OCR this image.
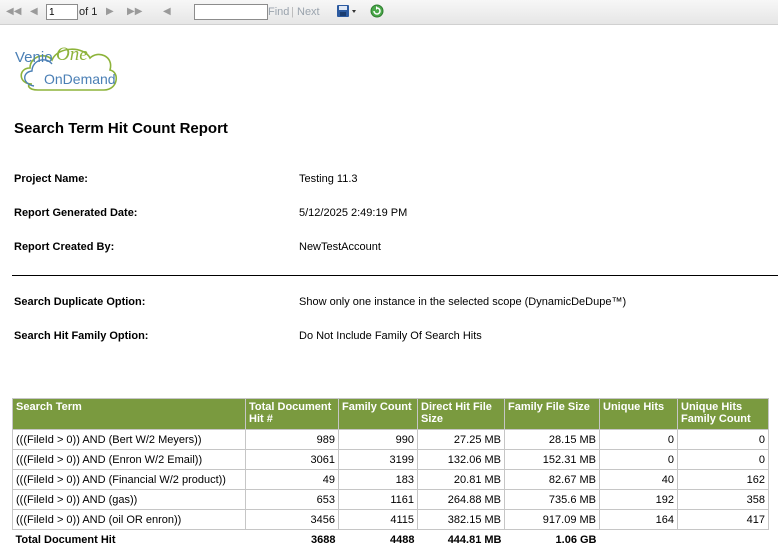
◀◀ ◀
1	of 1 ▶ ▶▶ ◀	Find | Next
Venio One
OnDemand
Search Term Hit Count Report
Project Name:	Testing 11.3
Report Generated Date:	5/12/2025 2:49:19 PM
Report Created By:	NewTestAccount
Search Duplicate Option:	Show only one instance in the selected scope (DynamicDeDupe™)
Search Hit Family Option:	Do Not Include Family Of Search Hits
Search Term	Total Document Hit #	Family Count	Direct Hit File Size	Family File Size	Unique Hits	Unique Hits Family Count
(((FileId > 0)) AND (Bert W/2 Meyers))	989	990	27.25 MB	28.15 MB	0	0
(((FileId > 0)) AND (Enron W/2 Email))	3061	3199	132.06 MB	152.31 MB	0	0
(((FileId > 0)) AND (Financial W/2 product))	49	183	20.81 MB	82.67 MB	40	162
(((FileId > 0)) AND (gas))	653	1161	264.88 MB	735.6 MB	192	358
(((FileId > 0)) AND (oil OR enron))	3456	4115	382.15 MB	917.09 MB	164	417
Total Document Hit	3688	4488	444.81 MB	1.06 GB		
